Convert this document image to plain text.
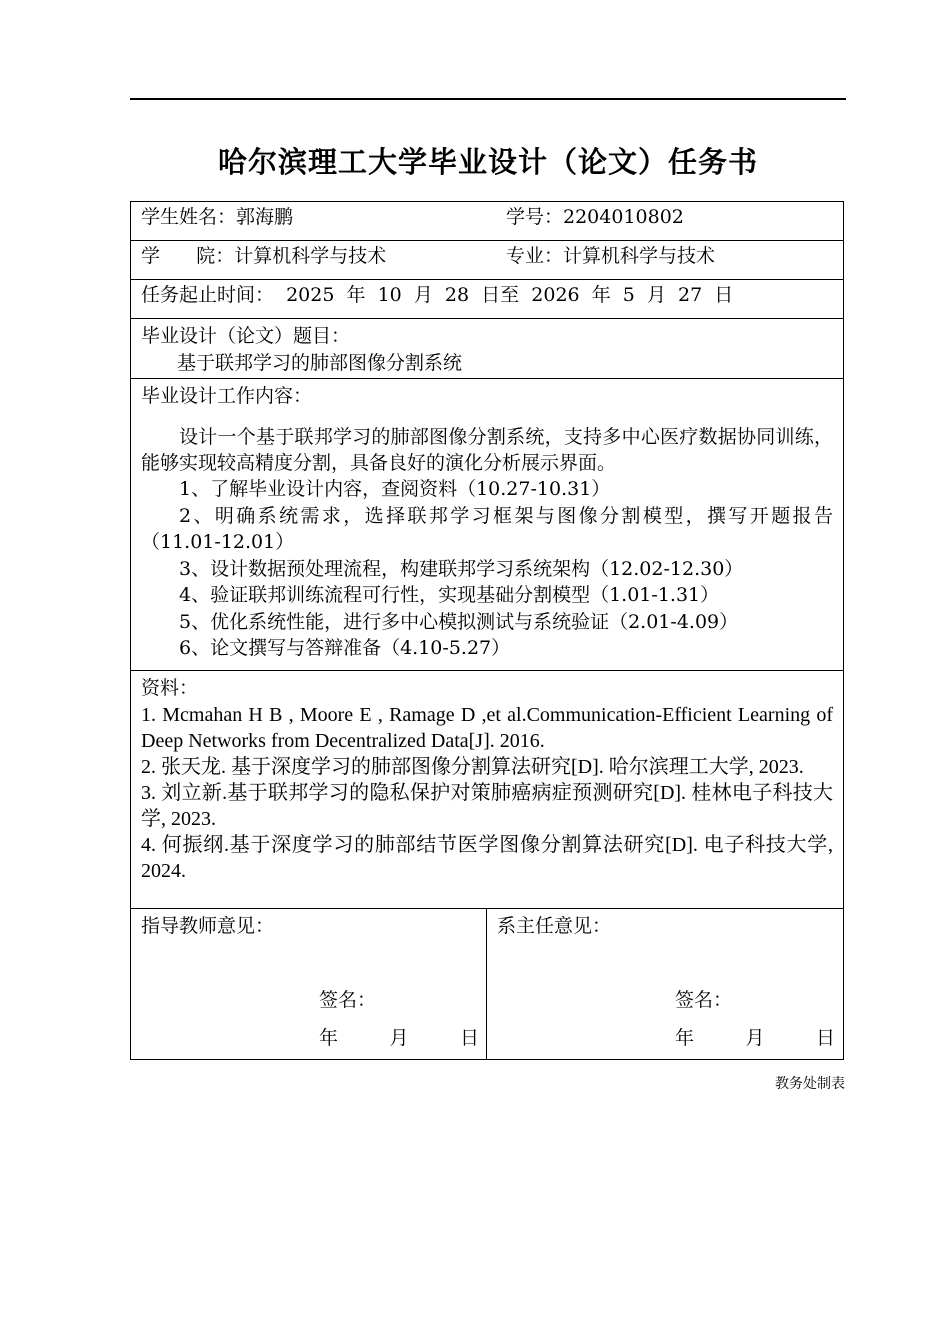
哈尔滨理工大学毕业设计（论文）任务书
学生姓名：郭海鹏	学号：2204010802
学      院：计算机科学与技术	专业：计算机科学与技术
任务起止时间：  2025  年  10  月  28  日至  2026  年  5  月  27  日

毕业设计（论文）题目：
基于联邦学习的肺部图像分割系统

毕业设计工作内容：

设计一个基于联邦学习的肺部图像分割系统，支持多中心医疗数据协同训练，能够实现较高精度分割，具备良好的演化分析展示界面。

1、了解毕业设计内容，查阅资料（10.27-10.31）

2、明确系统需求，选择联邦学习框架与图像分割模型，撰写开题报告（11.01-12.01）

3、设计数据预处理流程，构建联邦学习系统架构（12.02-12.30）

4、验证联邦训练流程可行性，实现基础分割模型（1.01-1.31）

5、优化系统性能，进行多中心模拟测试与系统验证（2.01-4.09）

6、论文撰写与答辩准备（4.10-5.27）

资料：

1. Mcmahan H B , Moore E , Ramage D ,et al.Communication-Efficient Learning of Deep Networks from Decentralized Data[J]. 2016.

2. 张天龙. 基于深度学习的肺部图像分割算法研究[D]. 哈尔滨理工大学, 2023.

3. 刘立新.基于联邦学习的隐私保护对策肺癌病症预测研究[D]. 桂林电子科技大学, 2023.

4. 何振纲.基于深度学习的肺部结节医学图像分割算法研究[D]. 电子科技大学, 2024.

指导教师意见：
签名：
年	月	日

系主任意见：
签名：
年	月	日
教务处制表
